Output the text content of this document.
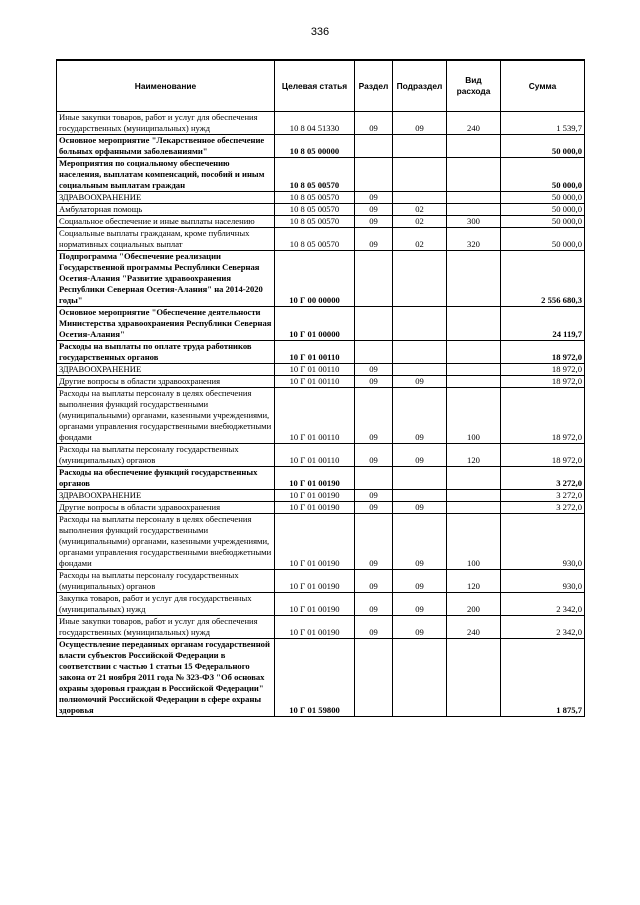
336
Наименование	Целевая статья	Раздел	Подраздел	Вид расхода	Сумма
Иные закупки товаров, работ и услуг для обеспечения государственных (муниципальных) нужд	10 8 04 51330	09	09	240	1 539,7
Основное мероприятие "Лекарственное обеспечение больных орфанными заболеваниями"	10 8 05 00000				50 000,0
Мероприятия по социальному обеспечению населения, выплатам компенсаций, пособий и иным социальным выплатам граждан	10 8 05 00570				50 000,0
ЗДРАВООХРАНЕНИЕ	10 8 05 00570	09			50 000,0
Амбулаторная помощь	10 8 05 00570	09	02		50 000,0
Социальное обеспечение и иные выплаты населению	10 8 05 00570	09	02	300	50 000,0
Социальные выплаты гражданам, кроме публичных нормативных социальных выплат	10 8 05 00570	09	02	320	50 000,0
Подпрограмма "Обеспечение реализации Государственной программы Республики Северная Осетия-Алания "Развитие здравоохранения Республики Северная Осетия-Алания" на 2014-2020 годы"	10 Г 00 00000				2 556 680,3
Основное мероприятие "Обеспечение деятельности Министерства здравоохранения Республики Северная Осетия-Алания"	10 Г 01 00000				24 119,7
Расходы на выплаты по оплате труда работников государственных органов	10 Г 01 00110				18 972,0
ЗДРАВООХРАНЕНИЕ	10 Г 01 00110	09			18 972,0
Другие вопросы в области здравоохранения	10 Г 01 00110	09	09		18 972,0
Расходы на выплаты персоналу в целях обеспечения выполнения функций государственными (муниципальными) органами, казенными учреждениями, органами управления государственными внебюджетными фондами	10 Г 01 00110	09	09	100	18 972,0
Расходы на выплаты персоналу государственных (муниципальных) органов	10 Г 01 00110	09	09	120	18 972,0
Расходы на обеспечение функций государственных органов	10 Г 01 00190				3 272,0
ЗДРАВООХРАНЕНИЕ	10 Г 01 00190	09			3 272,0
Другие вопросы в области здравоохранения	10 Г 01 00190	09	09		3 272,0
Расходы на выплаты персоналу в целях обеспечения выполнения функций государственными (муниципальными) органами, казенными учреждениями, органами управления государственными внебюджетными фондами	10 Г 01 00190	09	09	100	930,0
Расходы на выплаты персоналу государственных (муниципальных) органов	10 Г 01 00190	09	09	120	930,0
Закупка товаров, работ и услуг для государственных (муниципальных) нужд	10 Г 01 00190	09	09	200	2 342,0
Иные закупки товаров, работ и услуг для обеспечения государственных (муниципальных) нужд	10 Г 01 00190	09	09	240	2 342,0
Осуществление переданных органам государственной власти субъектов Российской Федерации в соответствии с частью 1 статьи 15 Федерального закона от 21 ноября 2011 года № 323-ФЗ "Об основах охраны здоровья граждан в Российской Федерации" полномочий Российской Федерации в сфере охраны здоровья	10 Г 01 59800				1 875,7
